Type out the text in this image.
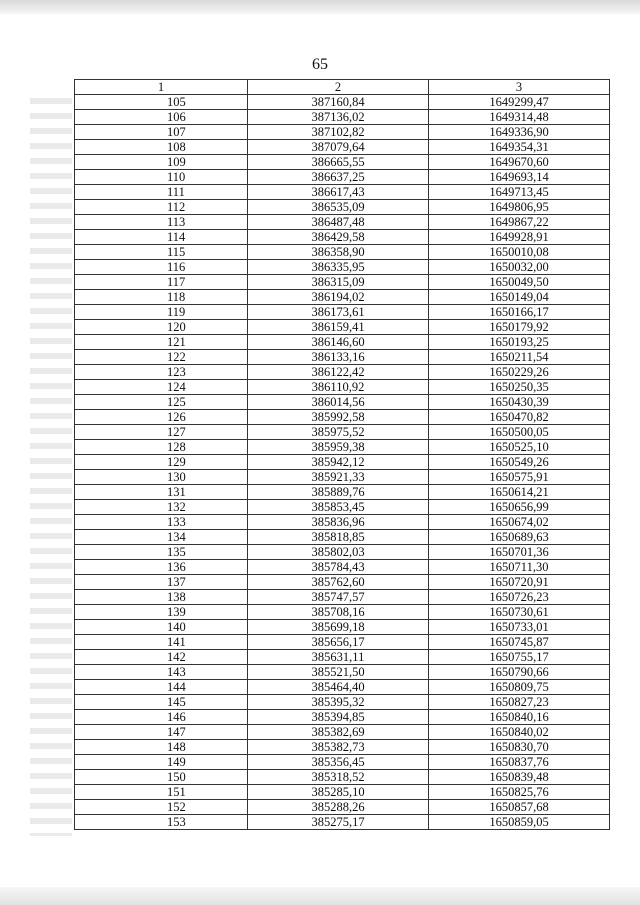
65
1	2	3
105	387160,84	1649299,47
106	387136,02	1649314,48
107	387102,82	1649336,90
108	387079,64	1649354,31
109	386665,55	1649670,60
110	386637,25	1649693,14
111	386617,43	1649713,45
112	386535,09	1649806,95
113	386487,48	1649867,22
114	386429,58	1649928,91
115	386358,90	1650010,08
116	386335,95	1650032,00
117	386315,09	1650049,50
118	386194,02	1650149,04
119	386173,61	1650166,17
120	386159,41	1650179,92
121	386146,60	1650193,25
122	386133,16	1650211,54
123	386122,42	1650229,26
124	386110,92	1650250,35
125	386014,56	1650430,39
126	385992,58	1650470,82
127	385975,52	1650500,05
128	385959,38	1650525,10
129	385942,12	1650549,26
130	385921,33	1650575,91
131	385889,76	1650614,21
132	385853,45	1650656,99
133	385836,96	1650674,02
134	385818,85	1650689,63
135	385802,03	1650701,36
136	385784,43	1650711,30
137	385762,60	1650720,91
138	385747,57	1650726,23
139	385708,16	1650730,61
140	385699,18	1650733,01
141	385656,17	1650745,87
142	385631,11	1650755,17
143	385521,50	1650790,66
144	385464,40	1650809,75
145	385395,32	1650827,23
146	385394,85	1650840,16
147	385382,69	1650840,02
148	385382,73	1650830,70
149	385356,45	1650837,76
150	385318,52	1650839,48
151	385285,10	1650825,76
152	385288,26	1650857,68
153	385275,17	1650859,05
